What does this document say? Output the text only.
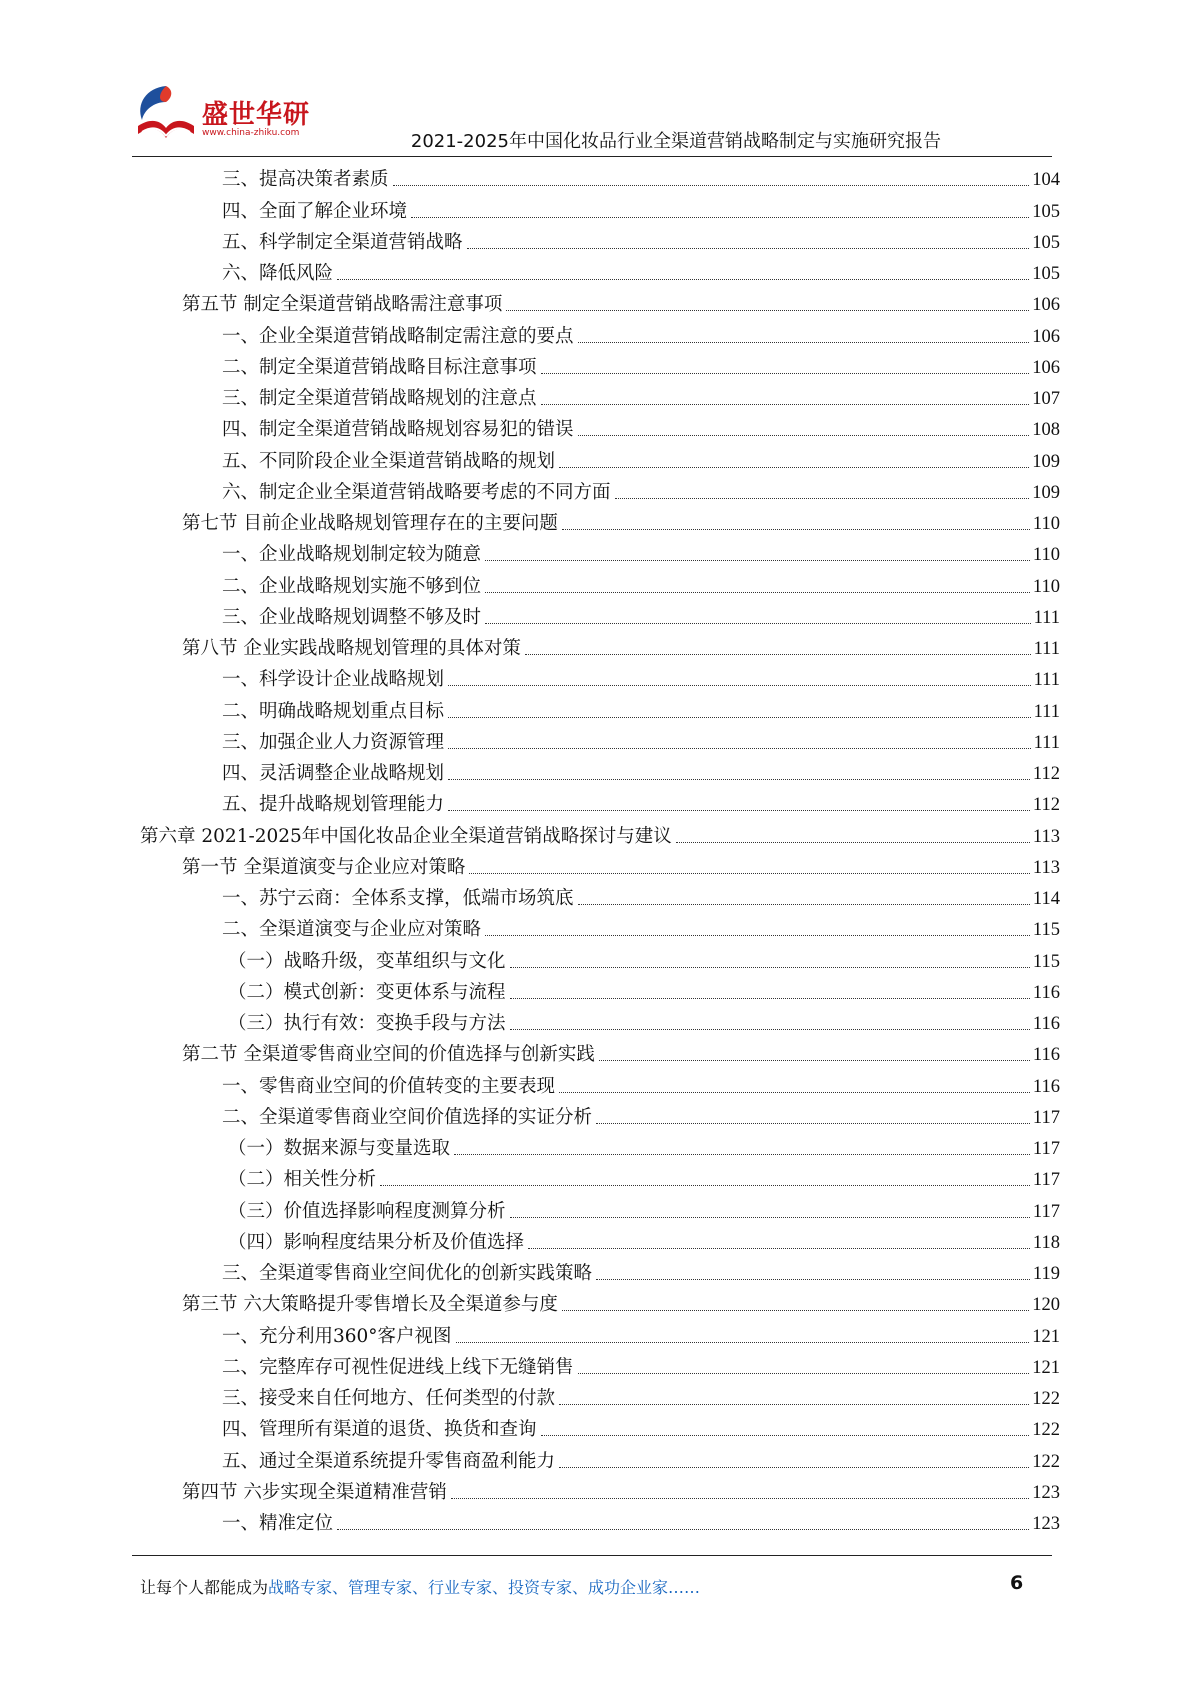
盛世华研
www.china-zhiku.com	2021-2025年中国化妆品行业全渠道营销战略制定与实施研究报告
三、提高决策者素质	104
四、全面了解企业环境	105
五、科学制定全渠道营销战略	105
六、降低风险	105
第五节 制定全渠道营销战略需注意事项	106
一、企业全渠道营销战略制定需注意的要点	106
二、制定全渠道营销战略目标注意事项	106
三、制定全渠道营销战略规划的注意点	107
四、制定全渠道营销战略规划容易犯的错误	108
五、不同阶段企业全渠道营销战略的规划	109
六、制定企业全渠道营销战略要考虑的不同方面	109
第七节 目前企业战略规划管理存在的主要问题	110
一、企业战略规划制定较为随意	110
二、企业战略规划实施不够到位	110
三、企业战略规划调整不够及时	111
第八节 企业实践战略规划管理的具体对策	111
一、科学设计企业战略规划	111
二、明确战略规划重点目标	111
三、加强企业人力资源管理	111
四、灵活调整企业战略规划	112
五、提升战略规划管理能力	112
第六章 2021-2025年中国化妆品企业全渠道营销战略探讨与建议	113
第一节 全渠道演变与企业应对策略	113
一、苏宁云商：全体系支撑，低端市场筑底	114
二、全渠道演变与企业应对策略	115
（一）战略升级，变革组织与文化	115
（二）模式创新：变更体系与流程	116
（三）执行有效：变换手段与方法	116
第二节 全渠道零售商业空间的价值选择与创新实践	116
一、零售商业空间的价值转变的主要表现	116
二、全渠道零售商业空间价值选择的实证分析	117
（一）数据来源与变量选取	117
（二）相关性分析	117
（三）价值选择影响程度测算分析	117
（四）影响程度结果分析及价值选择	118
三、全渠道零售商业空间优化的创新实践策略	119
第三节 六大策略提升零售增长及全渠道参与度	120
一、充分利用360°客户视图	121
二、完整库存可视性促进线上线下无缝销售	121
三、接受来自任何地方、任何类型的付款	122
四、管理所有渠道的退货、换货和查询	122
五、通过全渠道系统提升零售商盈利能力	122
第四节 六步实现全渠道精准营销	123
一、精准定位	123
让每个人都能成为战略专家、管理专家、行业专家、投资专家、成功企业家……	6
